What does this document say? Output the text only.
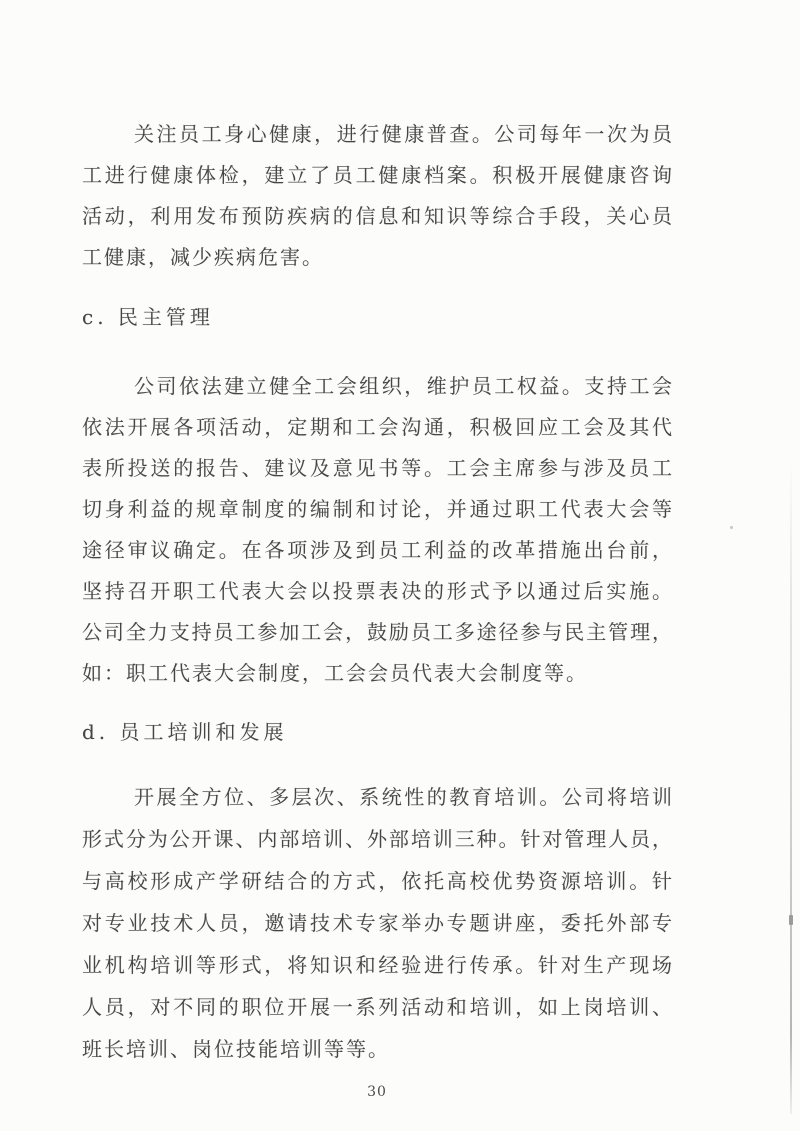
关注员工身心健康，进行健康普查。公司每年一次为员
工进行健康体检，建立了员工健康档案。积极开展健康咨询
活动，利用发布预防疾病的信息和知识等综合手段，关心员
工健康，减少疾病危害。
c. 民主管理
公司依法建立健全工会组织，维护员工权益。支持工会
依法开展各项活动，定期和工会沟通，积极回应工会及其代
表所投送的报告、建议及意见书等。工会主席参与涉及员工
切身利益的规章制度的编制和讨论，并通过职工代表大会等
途径审议确定。在各项涉及到员工利益的改革措施出台前，
坚持召开职工代表大会以投票表决的形式予以通过后实施。
公司全力支持员工参加工会，鼓励员工多途径参与民主管理，
如：职工代表大会制度，工会会员代表大会制度等。
d. 员工培训和发展
开展全方位、多层次、系统性的教育培训。公司将培训
形式分为公开课、内部培训、外部培训三种。针对管理人员，
与高校形成产学研结合的方式，依托高校优势资源培训。针
对专业技术人员，邀请技术专家举办专题讲座，委托外部专
业机构培训等形式，将知识和经验进行传承。针对生产现场
人员，对不同的职位开展一系列活动和培训，如上岗培训、
班长培训、岗位技能培训等等。
30
